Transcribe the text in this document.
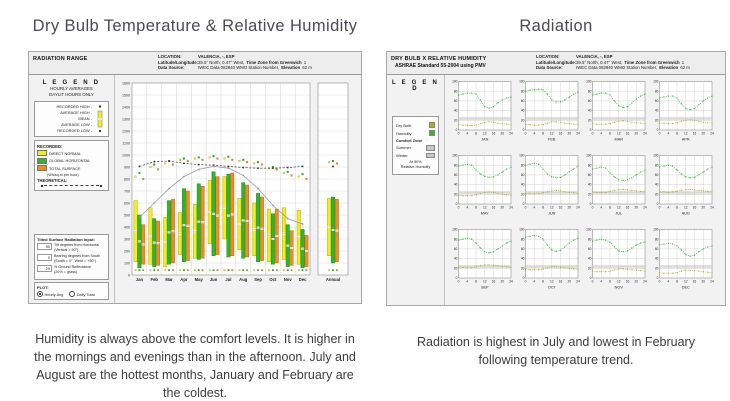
Dry Bulb Temperature & Relative Humidity
RADIATION RANGE	LOCATION:	VALENCIA, -, ESP
Latitude/Longitude: 39.5° North, 0.47° West, Time Zone from Greenwich 1
Data Source:	IWEC Data 082840 WMO Station Number, Elevation 62 m
L E G E N D
HOURLY AVERAGES
DAYLIT HOURS ONLY
RECORDED HIGH -
AVERAGE HIGH -
MEAN -
AVERAGE LOW -
RECORDED LOW -
RECORDED:
DIRECT NORMAL
GLOBAL HORIZONTAL
TOTAL SURFACE
(Wh/sq.m per hour)
THEORETICAL:
Tilted Surface Radiation Input:
90	Tilt degrees from Horizontal
(Vertical = 90°)
0	Bearing degrees from South
(South = 0°, West = +90°)
20	% Ground Reflectance
(20% = grass)
PLOT:
Hourly Avg	Daily Total
0
100
200
300
400
500
600
700
800
900
1000
1100
1200
1300
1400
1500
1600
Jan Feb Mar Apr May Jun Jul Aug Sep Oct Nov Dec	Annual

Humidity is always above the comfort levels. It is higher in the mornings and evenings than in the afternoon. July and August are the hottest months, January and February are the coldest.

Radiation
DRY BULB X RELATIVE HUMIDITY
ASHRAE Standard 55-2004 using PMV
LOCATION:	VALENCIA, -, ESP
Latitude/Longitude: 39.5° North, 0.47° West, Time Zone from Greenwich 1
Data Source:	IWEC Data 082840 WMO Station Number, Elevation 62 m
L E G E N D
Dry Bulb
Humidity
Comfort Zone
Summer
Winter
At 50%
Relative Humidity
0
20
40
60
80
100
0 4 8 12 16 20 24
JAN
0
20
40
60
80
100
0 4 8 12 16 20 24
FEB
0
20
40
60
80
100
0 4 8 12 16 20 24
MAR
0
20
40
60
80
100
0 4 8 12 16 20 24
APR
0
20
40
60
80
100
0 4 8 12 16 20 24
MAY
0
20
40
60
80
100
0 4 8 12 16 20 24
JUN
0
20
40
60
80
100
0 4 8 12 16 20 24
JUL
0
20
40
60
80
100
0 4 8 12 16 20 24
AUG
0
20
40
60
80
100
0 4 8 12 16 20 24
SEP
0
20
40
60
80
100
0 4 8 12 16 20 24
OCT
0
20
40
60
80
100
0 4 8 12 16 20 24
NOV
0
20
40
60
80
100
0 4 8 12 16 20 24
DEC

Radiation is highest in July and lowest in February following temperature trend.
